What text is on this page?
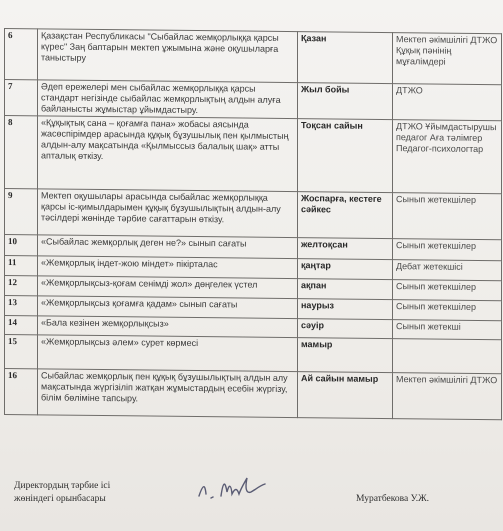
6	Қазақстан Республикасы "Сыбайлас жемқорлыққа қарсы күрес" Заң баптарын мектеп ұжымына және оқушыларға таныстыру	Қазан	Мектеп әкімшілігі ДТЖО Құқық пәнінің мұғалімдері
7	Әдеп ережелері мен сыбайлас жемқорлыққа қарсы стандарт негізінде сыбайлас жемқорлықтың алдын алуға байланысты жұмыстар ұйымдастыру.	Жыл бойы	ДТЖО
8	«Құқықтық сана – қоғамға пана» жобасы аясында жасөспірімдер арасында құқық бұзушылық пен қылмыстың алдын-алу мақсатында «Қылмыссыз балалық шақ» атты апталық өткізу.	Тоқсан сайын	ДТЖО Ұйымдастырушы педагог Аға тәлімгер Педагог-психологтар
9	Мектеп оқушылары арасында сыбайлас жемқорлыққа қарсы іс-қимылдарымен құқық бұзушылықтың алдын-алу тәсілдері жөнінде тәрбие сағаттарын өткізу.	Жоспарға, кестеге сәйкес	Сынып жетекшілер
10	«Сыбайлас жемқорлық деген не?» сынып сағаты	желтоқсан	Сынып жетекшілер
11	«Жемқорлық індет-жою міндет» пікірталас	қаңтар	Дебат жетекшісі
12	«Жемқорлықсыз-қоғам сенімді жол» дөңгелек үстел	ақпан	Сынып жетекшілер
13	«Жемқорлықсыз қоғамға қадам» сынып сағаты	наурыз	Сынып жетекшілер
14	«Бала кезінен жемқорлықсыз»	сәуір	Сынып жетекші
15	«Жемқорлықсыз әлем» сурет көрмесі	мамыр	
16	Сыбайлас жемқорлық пен құқық бұзушылықтың алдын алу мақсатында жүргізіліп жатқан жұмыстардың есебін жүргізу, білім бөліміне тапсыру.	Ай сайын мамыр	Мектеп әкімшілігі ДТЖО
Директордың тәрбие ісі
жөніндегі орынбасары	Муратбекова У.Ж.
